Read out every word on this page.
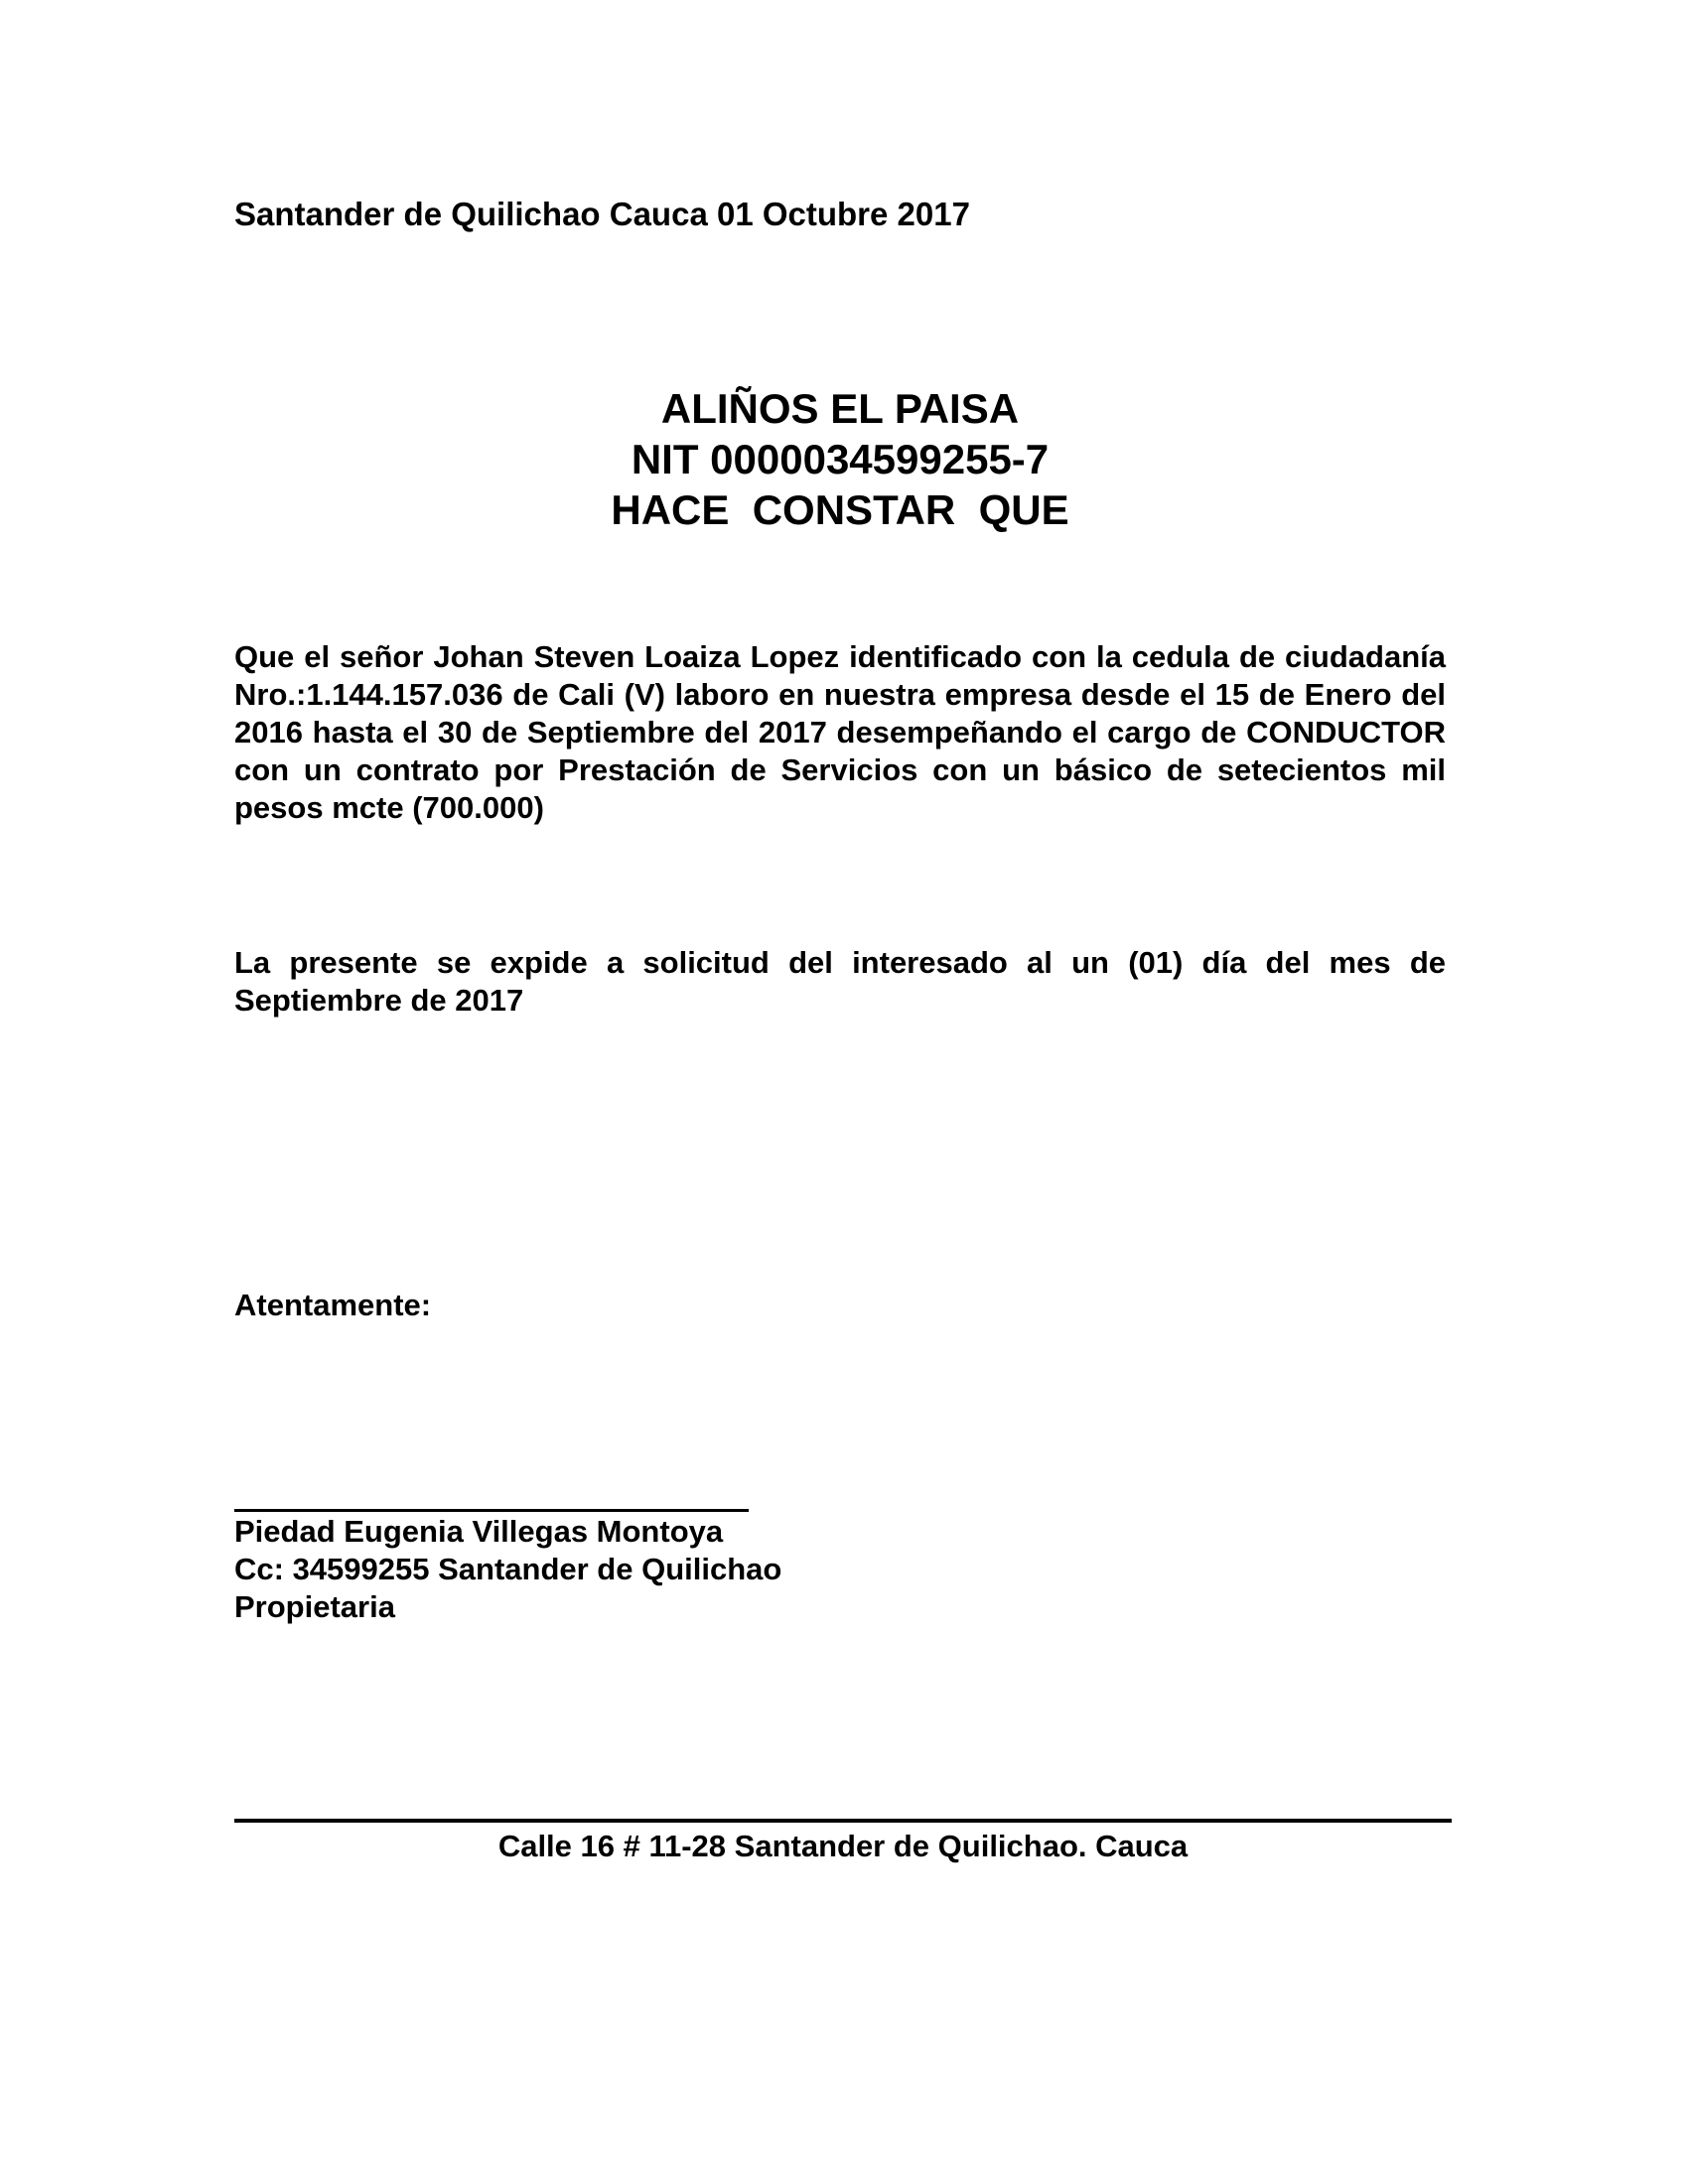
Santander de Quilichao Cauca 01 Octubre 2017
ALIÑOS EL PAISA
NIT 0000034599255-7
HACE  CONSTAR  QUE
Que el señor Johan Steven Loaiza Lopez identificado con la cedula de ciudadanía Nro.:1.144.157.036 de Cali (V) laboro en nuestra empresa desde el 15 de Enero del 2016 hasta el 30 de Septiembre del 2017 desempeñando el cargo de CONDUCTOR con un contrato por Prestación de Servicios con un básico de setecientos mil pesos mcte (700.000)
La presente se expide a solicitud del interesado al un (01) día del mes de Septiembre de 2017
Atentamente:
Piedad Eugenia Villegas Montoya
Cc: 34599255 Santander de Quilichao
Propietaria
Calle 16 # 11-28 Santander de Quilichao. Cauca
